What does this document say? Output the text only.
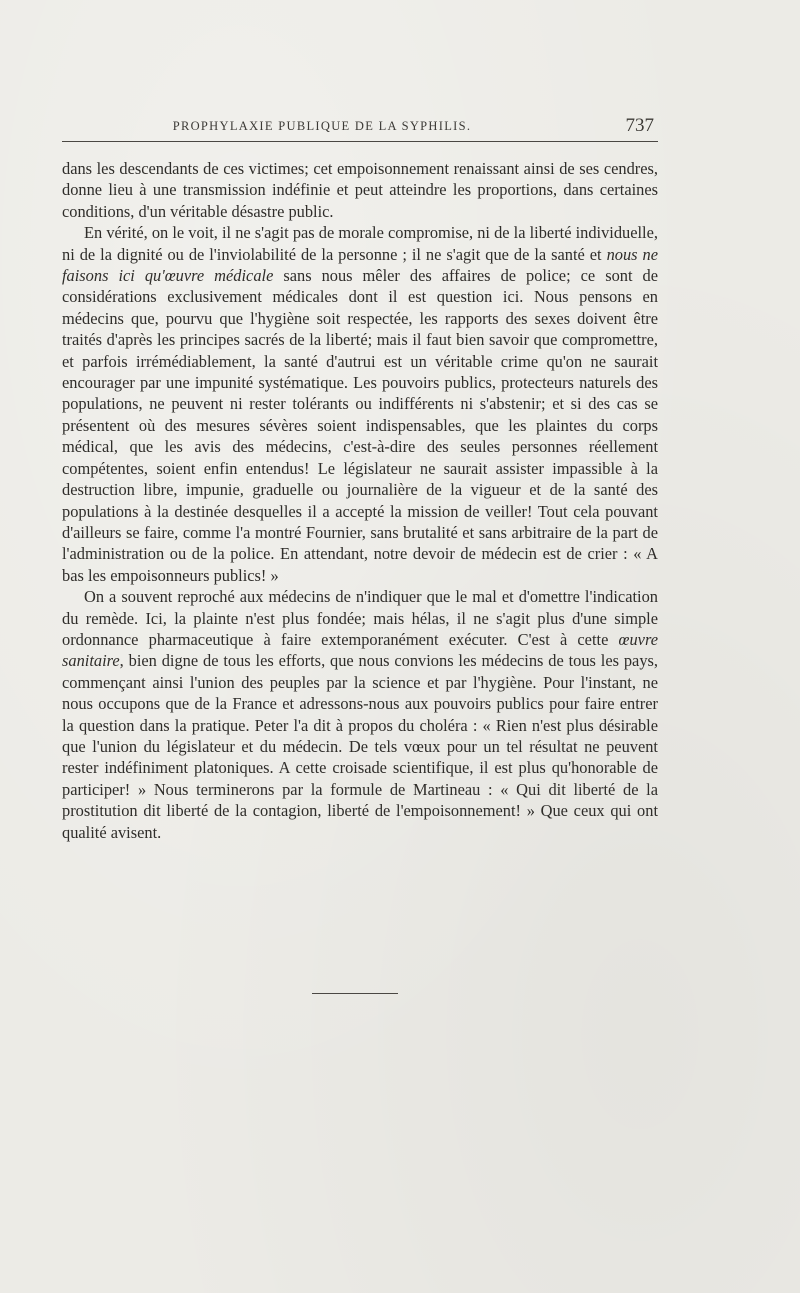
PROPHYLAXIE PUBLIQUE DE LA SYPHILIS.	737

dans les descendants de ces victimes; cet empoisonnement renaissant ainsi de ses cendres, donne lieu à une transmission indéfinie et peut atteindre les proportions, dans certaines conditions, d'un véritable désastre public.

En vérité, on le voit, il ne s'agit pas de morale compromise, ni de la liberté individuelle, ni de la dignité ou de l'inviolabilité de la personne ; il ne s'agit que de la santé et nous ne faisons ici qu'œuvre médicale sans nous mêler des affaires de police; ce sont de considérations exclusivement médicales dont il est question ici. Nous pensons en médecins que, pourvu que l'hygiène soit respectée, les rapports des sexes doivent être traités d'après les principes sacrés de la liberté; mais il faut bien savoir que compromettre, et parfois irrémédiablement, la santé d'autrui est un véritable crime qu'on ne saurait encourager par une impunité systématique. Les pouvoirs publics, protecteurs naturels des populations, ne peuvent ni rester tolérants ou indifférents ni s'abstenir; et si des cas se présentent où des mesures sévères soient indispensables, que les plaintes du corps médical, que les avis des médecins, c'est-à-dire des seules personnes réellement compétentes, soient enfin entendus! Le législateur ne saurait assister impassible à la destruction libre, impunie, graduelle ou journalière de la vigueur et de la santé des populations à la destinée desquelles il a accepté la mission de veiller! Tout cela pouvant d'ailleurs se faire, comme l'a montré Fournier, sans brutalité et sans arbitraire de la part de l'administration ou de la police. En attendant, notre devoir de médecin est de crier : « A bas les empoisonneurs publics! »

On a souvent reproché aux médecins de n'indiquer que le mal et d'omettre l'indication du remède. Ici, la plainte n'est plus fondée; mais hélas, il ne s'agit plus d'une simple ordonnance pharmaceutique à faire extemporanément exécuter. C'est à cette œuvre sanitaire, bien digne de tous les efforts, que nous convions les médecins de tous les pays, commençant ainsi l'union des peuples par la science et par l'hygiène. Pour l'instant, ne nous occupons que de la France et adressons-nous aux pouvoirs publics pour faire entrer la question dans la pratique. Peter l'a dit à propos du choléra : « Rien n'est plus désirable que l'union du législateur et du médecin. De tels vœux pour un tel résultat ne peuvent rester indéfiniment platoniques. A cette croisade scientifique, il est plus qu'honorable de participer! » Nous terminerons par la formule de Martineau : « Qui dit liberté de la prostitution dit liberté de la contagion, liberté de l'empoisonnement! » Que ceux qui ont qualité avisent.
